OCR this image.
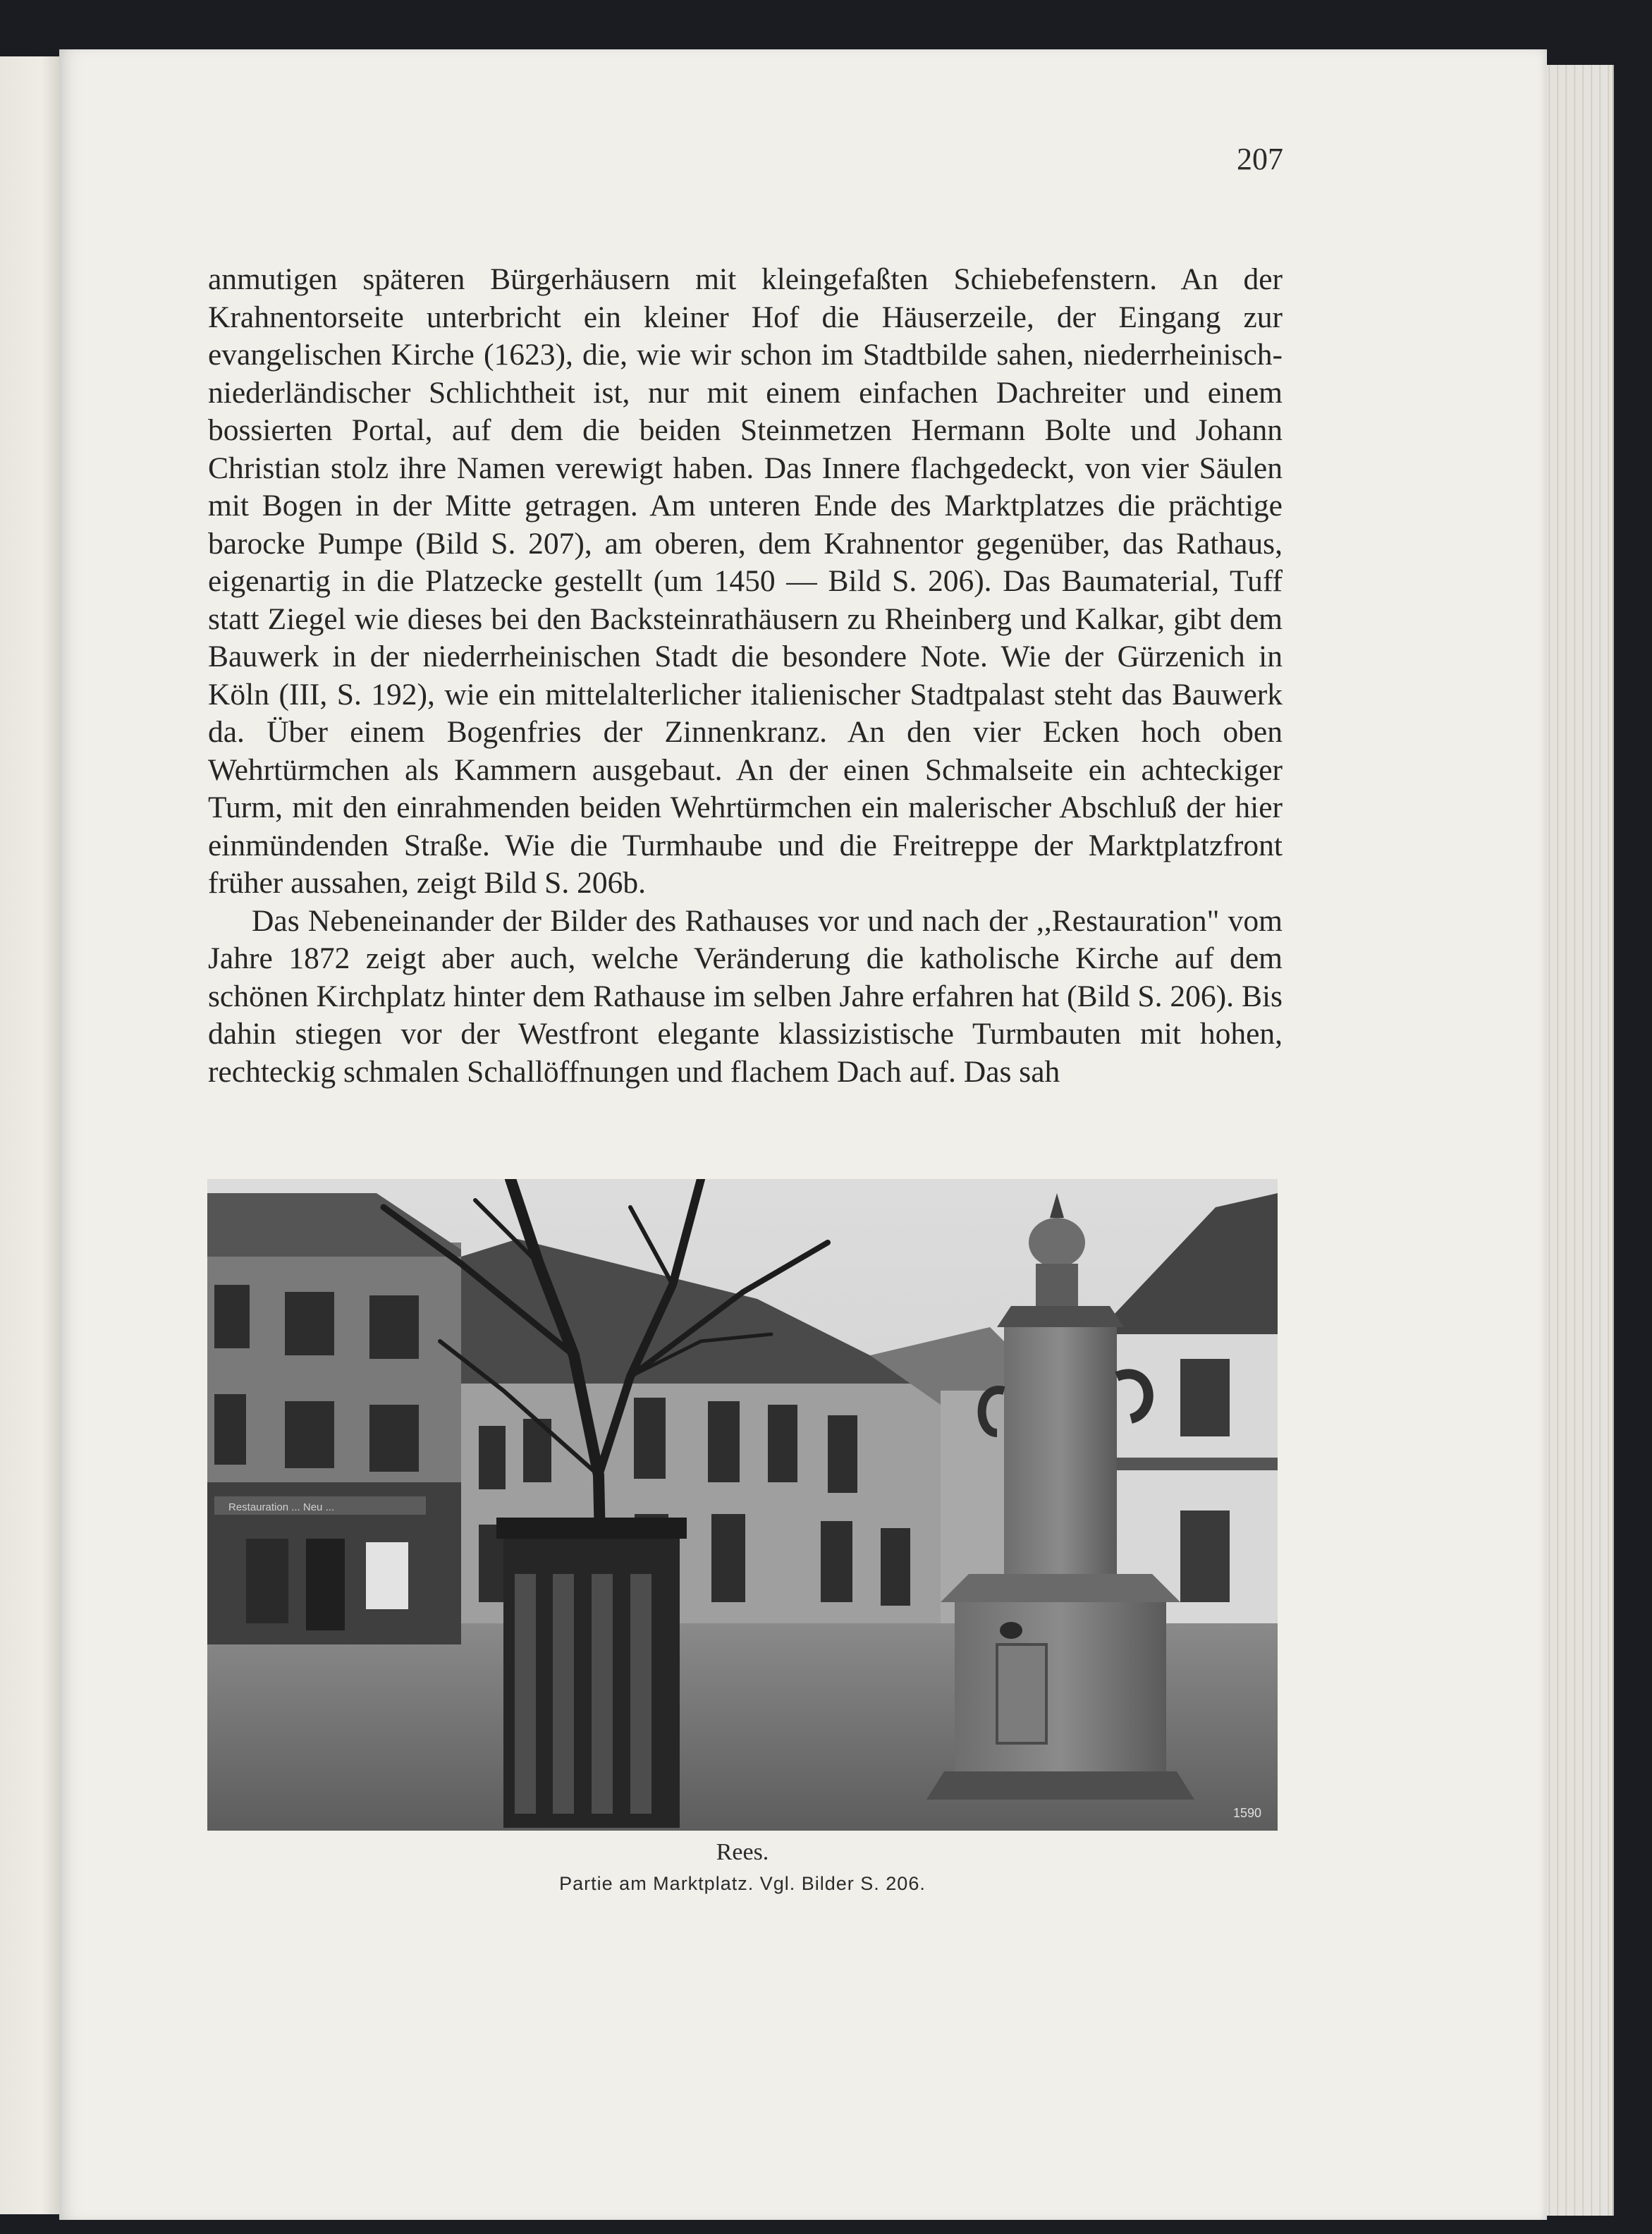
207

anmutigen späteren Bürgerhäusern mit kleingefaßten Schiebefenstern. An der Krahnentorseite unterbricht ein kleiner Hof die Häuserzeile, der Eingang zur evangelischen Kirche (1623), die, wie wir schon im Stadtbilde sahen, niederrheinisch-niederländischer Schlichtheit ist, nur mit einem einfachen Dachreiter und einem bossierten Portal, auf dem die beiden Steinmetzen Hermann Bolte und Johann Christian stolz ihre Namen verewigt haben. Das Innere flachgedeckt, von vier Säulen mit Bogen in der Mitte getragen. Am unteren Ende des Marktplatzes die prächtige barocke Pumpe (Bild S. 207), am oberen, dem Krahnentor gegenüber, das Rathaus, eigenartig in die Platzecke gestellt (um 1450 — Bild S. 206). Das Baumaterial, Tuff statt Ziegel wie dieses bei den Backsteinrathäusern zu Rheinberg und Kalkar, gibt dem Bauwerk in der niederrheinischen Stadt die besondere Note. Wie der Gürzenich in Köln (III, S. 192), wie ein mittelalterlicher italienischer Stadtpalast steht das Bauwerk da. Über einem Bogenfries der Zinnenkranz. An den vier Ecken hoch oben Wehrtürmchen als Kammern ausgebaut. An der einen Schmalseite ein achteckiger Turm, mit den einrahmenden beiden Wehrtürmchen ein malerischer Abschluß der hier einmündenden Straße. Wie die Turmhaube und die Freitreppe der Marktplatzfront früher aussahen, zeigt Bild S. 206b.

Das Nebeneinander der Bilder des Rathauses vor und nach der ,,Restauration" vom Jahre 1872 zeigt aber auch, welche Veränderung die katholische Kirche auf dem schönen Kirchplatz hinter dem Rathause im selben Jahre erfahren hat (Bild S. 206). Bis dahin stiegen vor der Westfront elegante klassizistische Turmbauten mit hohen, rechteckig schmalen Schallöffnungen und flachem Dach auf. Das sah

Restauration ... Neu ...
1590
Rees.
Partie am Marktplatz. Vgl. Bilder S. 206.
